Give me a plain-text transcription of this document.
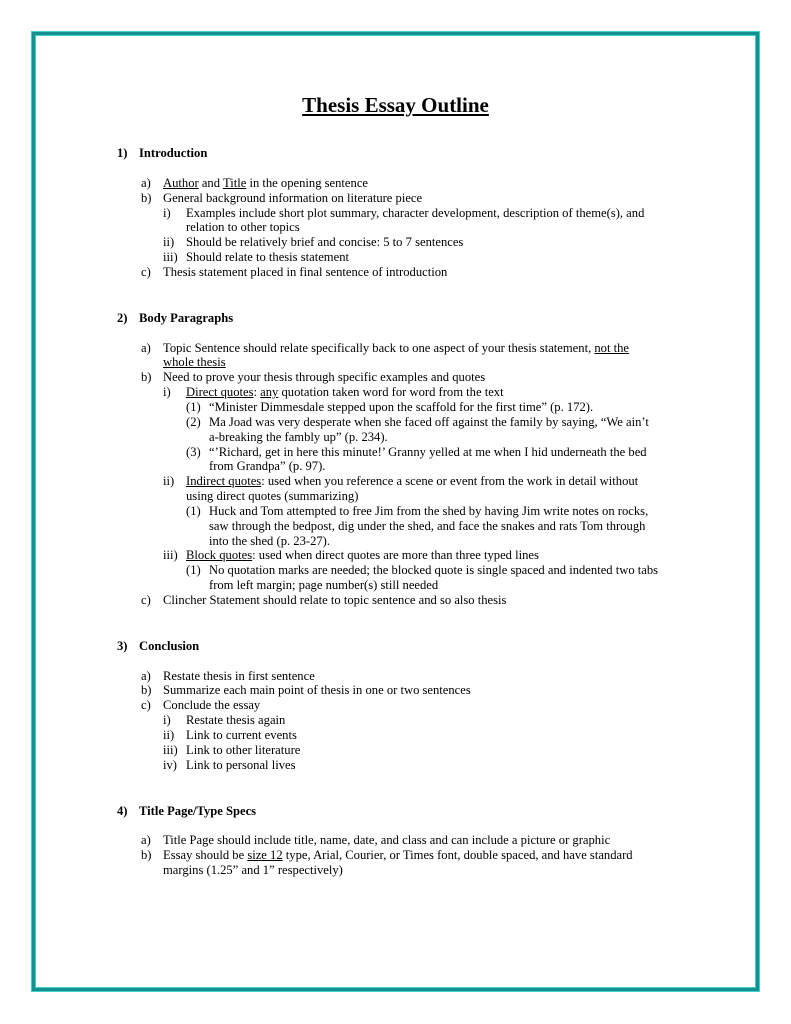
Thesis Essay Outline
1) Introduction
a) Author and Title in the opening sentence
b) General background information on literature piece
i) Examples include short plot summary, character development, description of theme(s), and
relation to other topics
ii) Should be relatively brief and concise: 5 to 7 sentences
iii) Should relate to thesis statement
c) Thesis statement placed in final sentence of introduction
2) Body Paragraphs
a) Topic Sentence should relate specifically back to one aspect of your thesis statement, not the
whole thesis
b) Need to prove your thesis through specific examples and quotes
i) Direct quotes: any quotation taken word for word from the text
(1) “Minister Dimmesdale stepped upon the scaffold for the first time” (p. 172).
(2) Ma Joad was very desperate when she faced off against the family by saying, “We ain’t
a-breaking the fambly up” (p. 234).
(3) “’Richard, get in here this minute!’ Granny yelled at me when I hid underneath the bed
from Grandpa” (p. 97).
ii) Indirect quotes: used when you reference a scene or event from the work in detail without
using direct quotes (summarizing)
(1) Huck and Tom attempted to free Jim from the shed by having Jim write notes on rocks,
saw through the bedpost, dig under the shed, and face the snakes and rats Tom through
into the shed (p. 23-27).
iii) Block quotes: used when direct quotes are more than three typed lines
(1) No quotation marks are needed; the blocked quote is single spaced and indented two tabs
from left margin; page number(s) still needed
c) Clincher Statement should relate to topic sentence and so also thesis
3) Conclusion
a) Restate thesis in first sentence
b) Summarize each main point of thesis in one or two sentences
c) Conclude the essay
i) Restate thesis again
ii) Link to current events
iii) Link to other literature
iv) Link to personal lives
4) Title Page/Type Specs
a) Title Page should include title, name, date, and class and can include a picture or graphic
b) Essay should be size 12 type, Arial, Courier, or Times font, double spaced, and have standard
margins (1.25” and 1” respectively)
